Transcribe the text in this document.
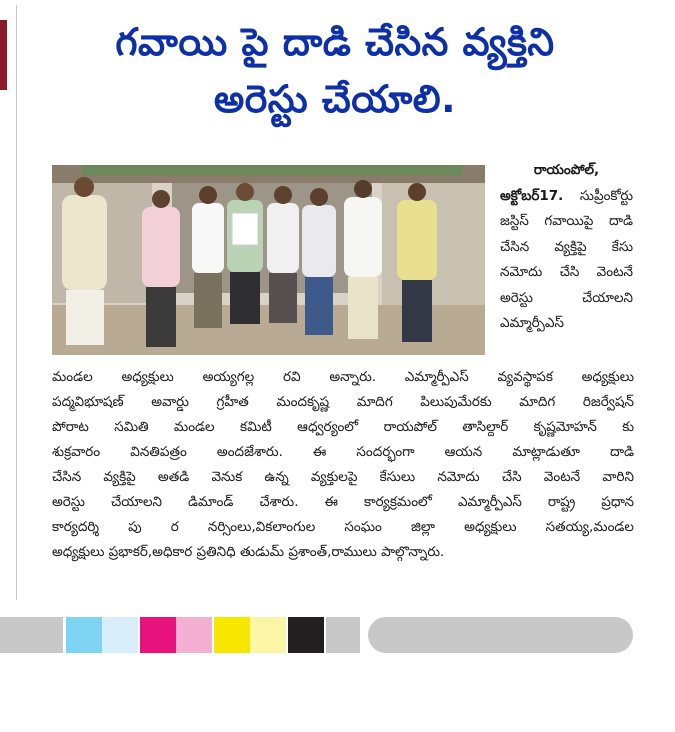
గవాయి పై దాడి చేసిన వ్యక్తిని
అరెస్టు చేయాలి.
రాయంపోల్,
అక్టోబర్17. సుప్రీంకోర్టు జస్టిస్ గవాయిపై దాడి చేసిన వ్యక్తిపై కేసు నమోదు చేసి వెంటనే అరెస్టు చేయాలని ఎమ్మార్పీఎస్
మండల అధ్యక్షులు అయ్యగల్ల రవి అన్నారు. ఎమ్మార్పీఎస్ వ్యవస్థాపక అధ్యక్షులు
పద్మవిభూషణ్ అవార్డు గ్రహీత మందకృష్ణ మాదిగ పిలుపుమేరకు మాదిగ రిజర్వేషన్
పోరాట సమితి మండల కమిటీ ఆధ్వర్యంలో రాయపోల్ తాసిల్దార్ కృష్ణమోహన్ కు
శుక్రవారం వినతిపత్రం అందజేశారు. ఈ సందర్భంగా ఆయన మాట్లాడుతూ దాడి
చేసిన వ్యక్తిపై అతడి వెనుక ఉన్న వ్యక్తులపై కేసులు నమోదు చేసి వెంటనే వారిని
అరెస్టు చేయాలని డిమాండ్ చేశారు. ఈ కార్యక్రమంలో ఎమ్మార్పీఎస్ రాష్ట్ర ప్రధాన
కార్యదర్శి పు ర నర్సింలు,వికలాంగుల సంఘం జిల్లా అధ్యక్షులు సతయ్య,మండల
అధ్యక్షులు ప్రభాకర్,అధికార ప్రతినిధి తుడుమ్ ప్రశాంత్,రాములు పాల్గొన్నారు.
